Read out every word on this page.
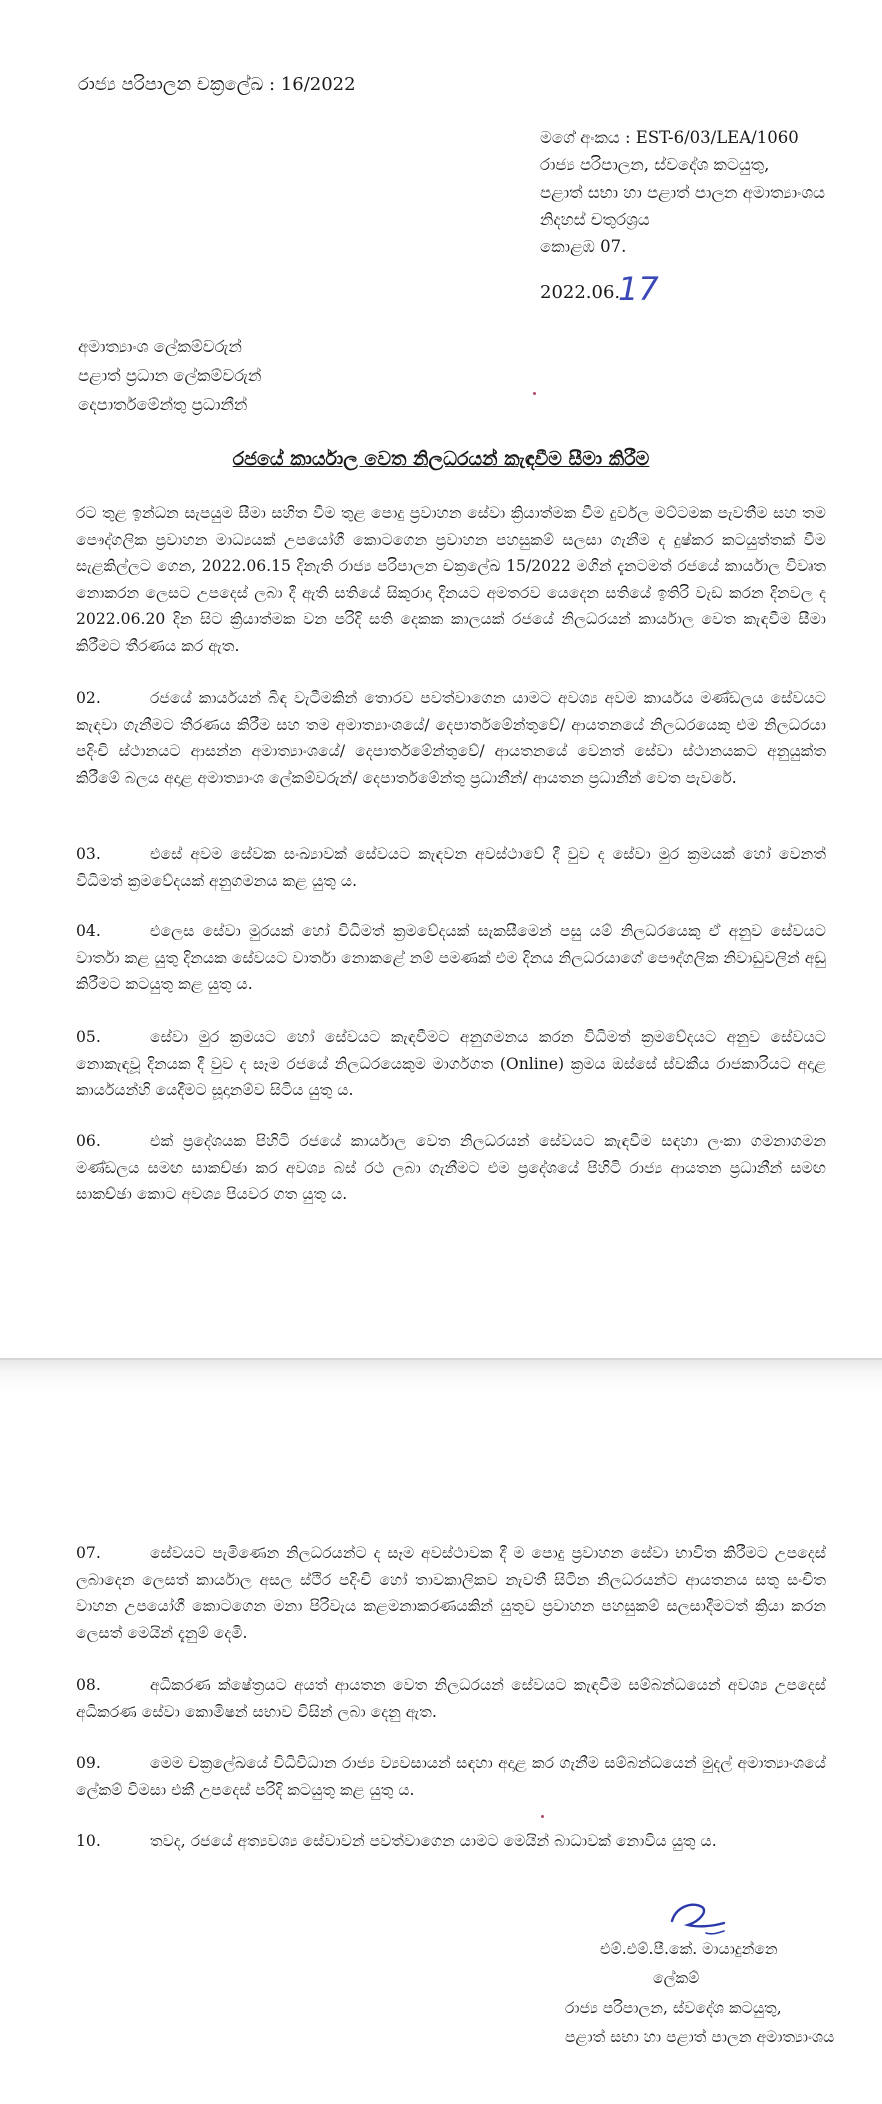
රාජ්‍ය පරිපාලන චක්‍රලේඛ : 16/2022
මගේ අංකය : EST-6/03/LEA/1060
රාජ්‍ය පරිපාලන, ස්වදේශ කටයුතු,
පළාත් සභා හා පළාත් පාලන අමාත්‍යාංශය
නිදහස් චතුරශ්‍රය
කොළඹ 07.
2022.06.
17
අමාත්‍යාංශ ලේකම්වරුන්
පළාත් ප්‍රධාන ලේකම්වරුන්
දෙපාර්තමේන්තු ප්‍රධානීන්
රජයේ කාර්යාල වෙත නිලධරයන් කැඳවීම සීමා කිරීම
රට තුළ ඉන්ධන සැපයුම සීමා සහිත වීම තුළ පොදු ප්‍රවාහන සේවා ක්‍රියාත්මක වීම දුර්වල මට්ටමක පැවතීම සහ තම පෞද්ගලික ප්‍රවාහන මාධ්‍යයක් උපයෝගී කොටගෙන ප්‍රවාහන පහසුකම් සලසා ගැනීම ද දුෂ්කර කටයුත්තක් වීම සැළකිල්ලට ගෙන, 2022.06.15 දිනැති රාජ්‍ය පරිපාලන චක්‍රලේඛ 15/2022 මගින් දැනටමත් රජයේ කාර්යාල විවෘත නොකරන ලෙසට උපදෙස් ලබා දී ඇති සතියේ සිකුරාදා දිනයට අමතරව යෙදෙන සතියේ ඉතිරි වැඩ කරන දිනවල ද 2022.06.20 දින සිට ක්‍රියාත්මක වන පරිදි සති දෙකක කාලයක් රජයේ නිලධරයන් කාර්යාල වෙත කැඳවීම සීමා කිරීමට තීරණය කර ඇත.
02.	රජයේ කාර්යයන් බිඳ වැටීමකින් තොරව පවත්වාගෙන යාමට අවශ්‍ය අවම කාර්යය මණ්ඩලය සේවයට කැඳවා ගැනීමට තීරණය කිරීම සහ තම අමාත්‍යාංශයේ/ දෙපාර්තමේන්තුවේ/ ආයතනයේ නිලධරයෙකු එම නිලධරයා පදිංචි ස්ථානයට ආසන්න අමාත්‍යාංශයේ/ දෙපාර්තමේන්තුවේ/ ආයතනයේ වෙනත් සේවා ස්ථානයකට අනුයුක්ත කිරීමේ බලය අදාළ අමාත්‍යාංශ ලේකම්වරුන්/ දෙපාර්තමේන්තු ප්‍රධානීන්/ ආයතන ප්‍රධානීන් වෙත පැවරේ.
03.	එසේ අවම සේවක සංඛ්‍යාවක් සේවයට කැඳවන අවස්ථාවේ දී වුව ද සේවා මුර ක්‍රමයක් හෝ වෙනත් විධිමත් ක්‍රමවේදයක් අනුගමනය කළ යුතු ය.
04.	එලෙස සේවා මුරයක් හෝ විධිමත් ක්‍රමවේදයක් සැකසීමෙන් පසු යම් නිලධරයෙකු ඒ අනුව සේවයට වාර්තා කළ යුතු දිනයක සේවයට වාර්තා නොකළේ නම් පමණක් එම දිනය නිලධරයාගේ පෞද්ගලික නිවාඩුවලින් අඩු කිරීමට කටයුතු කළ යුතු ය.
05.	සේවා මුර ක්‍රමයට හෝ සේවයට කැඳවීමට අනුගමනය කරන විධිමත් ක්‍රමවේදයට අනුව සේවයට නොකැඳවූ දිනයක දී වුව ද සෑම රජයේ නිලධරයෙකුම මාර්ගගත (Online) ක්‍රමය ඔස්සේ ස්වකීය රාජකාරියට අදාළ කාර්යයන්හි යෙදීමට සූදානම්ව සිටිය යුතු ය.
06.	එක් ප්‍රදේශයක පිහිටි රජයේ කාර්යාල වෙත නිලධරයන් සේවයට කැඳවීම සඳහා ලංකා ගමනාගමන මණ්ඩලය සමඟ සාකච්ඡා කර අවශ්‍ය බස් රථ ලබා ගැනීමට එම ප්‍රදේශයේ පිහිටි රාජ්‍ය ආයතන ප්‍රධානීන් සමඟ සාකච්ඡා කොට අවශ්‍ය පියවර ගත යුතු ය.
07.	සේවයට පැමිණෙන නිලධරයන්ට ද සෑම අවස්ථාවක දී ම පොදු ප්‍රවාහන සේවා භාවිත කිරීමට උපදෙස් ලබාදෙන ලෙසත් කාර්යාල අසල ස්ථිර පදිංචි හෝ තාවකාලිකව නැවතී සිටින නිලධරයන්ට ආයතනය සතු සංචිත වාහන උපයෝගී කොටගෙන මනා පිරිවැය කළමනාකරණයකින් යුතුව ප්‍රවාහන පහසුකම් සලසාදීමටත් ක්‍රියා කරන ලෙසත් මෙයින් දැනුම් දෙමි.
08.	අධිකරණ ක්ෂේත්‍රයට අයත් ආයතන වෙත නිලධරයන් සේවයට කැඳවීම සම්බන්ධයෙන් අවශ්‍ය උපදෙස් අධිකරණ සේවා කොමිෂන් සභාව විසින් ලබා දෙනු ඇත.
09.	මෙම චක්‍රලේඛයේ විධිවිධාන රාජ්‍ය ව්‍යවසායන් සඳහා අදාළ කර ගැනීම සම්බන්ධයෙන් මුදල් අමාත්‍යාංශයේ ලේකම් විමසා එකී උපදෙස් පරිදි කටයුතු කළ යුතු ය.
10.	තවද, රජයේ අත්‍යවශ්‍ය සේවාවන් පවත්වාගෙන යාමට මෙයින් බාධාවක් නොවිය යුතු ය.
එම්.එම්.පී.කේ. මායාදුන්නෙ
ලේකම්
රාජ්‍ය පරිපාලන, ස්වදේශ කටයුතු,
පළාත් සභා හා පළාත් පාලන අමාත්‍යාංශය
